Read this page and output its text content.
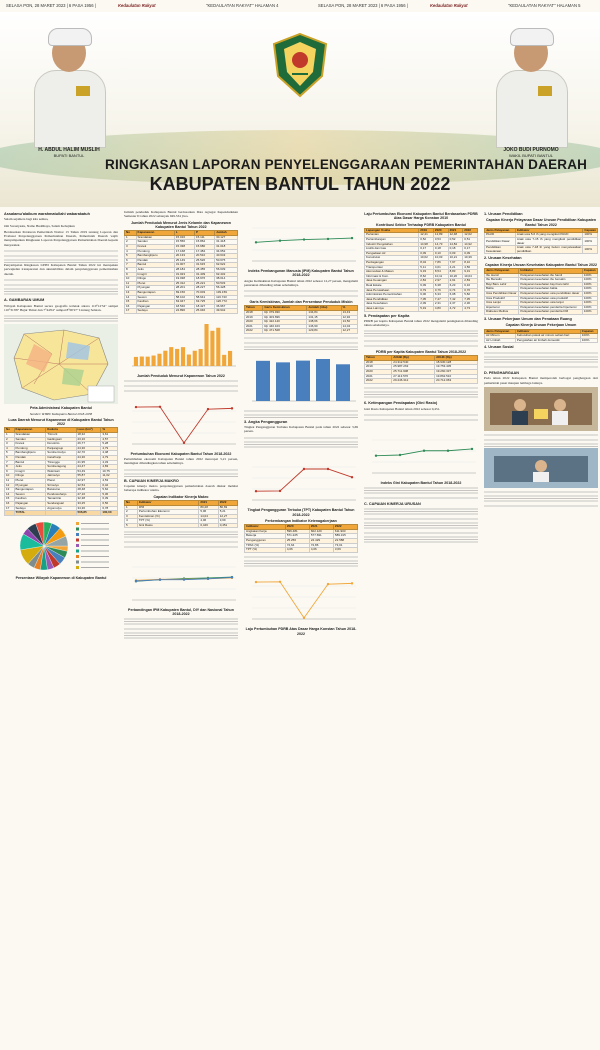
SELASA PON, 28 MARET 2023 | 6 PASA 1956 |	Kedaulatan Rakyat	"KEDAULATAN RAKYAT" HALAMAN 4	SELASA PON, 28 MARET 2023 | 6 PASA 1956 |	Kedaulatan Rakyat	"KEDAULATAN RAKYAT" HALAMAN 5
H. ABDUL HALIM MUSLIH
BUPATI BANTUL
JOKO BUDI PURNOMO
WAKIL BUPATI BANTUL
RINGKASAN LAPORAN PENYELENGGARAAN PEMERINTAHAN DAERAH
KABUPATEN BANTUL TAHUN 2022
Assalamu'alaikum warahmatullahi wabarakatuh

Salam sejahtera bagi kita semua,

Om Swastyastu, Namo Buddhaya, Salam Kebajikan

Berdasarkan Peraturan Pemerintah Nomor 13 Tahun 2019 tentang Laporan dan Evaluasi Penyelenggaraan Pemerintahan Daerah, Pemerintah Daerah wajib menyampaikan Ringkasan Laporan Penyelenggaraan Pemerintahan Daerah kepada masyarakat.

Penyampaian Ringkasan LPPD Kabupaten Bantul Tahun 2022 ini merupakan perwujudan transparansi dan akuntabilitas dalam penyelenggaraan pemerintahan daerah.

A. GAMBARAN UMUM

Wilayah Kabupaten Bantul secara geografis terletak antara 110°12'34" sampai 110°31'08" Bujur Timur dan 7°44'04" sampai 8°00'27" Lintang Selatan.

Peta Administrasi Kabupaten Bantul

Sumber: RTRW Kabupaten Bantul 2018-2038

Luas Daerah Menurut Kapanewon di Kabupaten Bantul Tahun 2022
No	Kapanewon	Ibukota	Luas (km²)	%
1	Srandakan	Trimurti	18,32	3,61
2	Sanden	Gadingsari	23,16	4,57
3	Kretek	Donotirto	26,77	5,28
4	Pundong	Panjangrejo	24,30	4,79
5	Bambanglipuro	Sumbermulyo	22,70	4,48
6	Pandak	Caturharjo	24,30	4,79
7	Bantul	Trirenggo	21,95	4,33
8	Jetis	Sumberagung	24,47	4,83
9	Imogiri	Wukirsari	54,49	10,75
10	Dlingo	Jatimulyo	55,87	11,02
11	Pleret	Pleret	22,97	4,53
12	Piyungan	Srimulyo	32,54	6,42
13	Banguntapan	Baturetno	28,48	5,62
14	Sewon	Pendowoharjo	27,16	5,36
15	Kasihan	Tamantirto	32,38	6,39
16	Pajangan	Sendangsari	33,25	6,56
17	Sedayu	Argomulyo	34,36	6,78
	TOTAL		506,85	100,00
Persentase Wilayah Kapanewon di Kabupaten Bantul

Jumlah penduduk Kabupaten Bantul berdasarkan Data Agregat Kependudukan Semester II tahun 2022 sebanyak 949.334 jiwa.

Jumlah Penduduk Menurut Jenis Kelamin dan Kapanewon Kabupaten Bantul Tahun 2022
No	Kapanewon	L	P	Jumlah
1	Srandakan	15.016	15.111	30.127
2	Sanden	15.556	15.862	31.418
3	Kretek	15.338	15.680	31.018
4	Pundong	17.168	17.484	34.652
5	Bambanglipuro	20.133	20.510	40.643
6	Pandak	25.149	25.526	50.675
7	Bantul	31.007	31.615	62.622
8	Jetis	28.184	28.455	56.639
9	Imogiri	31.023	31.409	62.432
10	Dlingo	19.038	18.976	38.014
11	Pleret	25.312	25.221	50.533
12	Piyungan	28.201	28.227	56.428
13	Banguntapan	69.156	70.003	139.159
14	Sewon	58.102	58.641	116.743
15	Kasihan	63.047	63.725	126.772
16	Pajangan	18.540	18.427	36.967
17	Sedayu	24.896	25.046	49.942
Jumlah Penduduk Menurut Kapanewon Tahun 2022
Pertumbuhan Ekonomi Kabupaten Bantul Tahun 2018-2022

Pertumbuhan ekonomi Kabupaten Bantul tahun 2022 mencapai 5,21 persen, meningkat dibandingkan tahun sebelumnya.

B. CAPAIAN KINERJA MAKRO

Capaian kinerja makro penyelenggaraan pemerintahan daerah diukur melalui beberapa indikator utama.

Capaian Indikator Kinerja Makro
No	Indikator	2021	2022
1	IPM	80,28	80,69
2	Pertumbuhan Ekonomi	5,06	5,21
3	Kemiskinan (%)	14,04	12,27
4	TPT (%)	4,06	3,69
5	Gini Rasio	0,446	0,451
Perbandingan IPM Kabupaten Bantul, DIY dan Nasional Tahun 2018-2022
Indeks Pembangunan Manusia (IPM) Kabupaten Bantul Tahun 2018-2022

Angka Kemiskinan Kabupaten Bantul tahun 2022 sebesar 12,27 persen, mengalami penurunan dibanding tahun sebelumnya.

Garis Kemiskinan, Jumlah dan Persentase Penduduk Miskin
Tahun	Garis Kemiskinan	Jumlah (ribu)	%
2018	Rp 379.930	134,84	13,43
2019	Rp 403.696	131,15	12,92
2020	Rp 422.140	138,66	13,50
2021	Rp 440.103	146,90	14,04
2022	Rp 471.528	129,84	12,27
3. Angka Pengangguran

Tingkat Pengangguran Terbuka Kabupaten Bantul pada tahun 2022 sebesar 3,69 persen.

Tingkat Pengangguran Terbuka (TPT) Kabupaten Bantul Tahun 2018-2022
Perkembangan Indikator Ketenagakerjaan
Indikator	2020	2021	2022
Angkatan Kerja	596.481	602.120	611.903
Bekerja	571.225	577.691	589.315
Pengangguran	25.256	24.429	22.588
TPAK (%)	72,64	72,86	73,01
TPT (%)	4,06	4,06	3,69
Laju Pertumbuhan PDRB Atas Dasar Harga Konstan Tahun 2018-2022
Laju Pertumbuhan Ekonomi Kabupaten Bantul Berdasarkan PDRB Atas Dasar Harga Konstan 2010
Kontribusi Sektor Terhadap PDRB Kabupaten Bantul
Lapangan Usaha	2019	2020	2021	2022
Pertanian	12,41	12,89	12,48	12,02
Pertambangan	0,52	0,53	0,52	0,51
Industri Pengolahan	14,98	14,73	14,84	14,92
Listrik dan Gas	0,17	0,18	0,18	0,17
Pengadaan Air	0,09	0,10	0,09	0,09
Konstruksi	10,62	10,03	10,21	10,39
Perdagangan	8,04	7,86	7,97	8,10
Transportasi	5,11	4,01	4,21	4,56
Akomodasi & Makan	9,33	8,54	8,83	9,31
Informasi & Kom.	8,62	10,11	10,20	10,04
Jasa Keuangan	2,84	2,97	2,91	2,83
Real Estate	6,09	6,38	6,23	6,10
Jasa Perusahaan	0,79	0,76	0,74	0,76
Administrasi Pemerintahan	6,06	6,33	6,08	5,82
Jasa Pendidikan	7,05	7,47	7,42	7,35
Jasa Kesehatan	2,09	2,31	2,37	2,30
Jasa Lainnya	5,19	4,80	4,72	4,73
5. Pendapatan per Kapita

PDRB per kapita Kabupaten Bantul tahun 2022 mengalami peningkatan dibanding tahun sebelumnya.

PDRB per Kapita Kabupaten Bantul Tahun 2018-2022
Tahun	ADHB (Rp)	ADHK (Rp)
2018	24.312.540	18.930.128
2019	25.987.263	19.753.405
2020	25.711.908	19.260.337
2021	27.113.576	19.862.510
2022	29.246.312	20.712.063
6. Ketimpangan Pendapatan (Gini Rasio)

Gini Rasio Kabupaten Bantul tahun 2022 sebesar 0,451.

Indeks Gini Kabupaten Bantul Tahun 2018-2022
C. CAPAIAN KINERJA URUSAN
1. Urusan Pendidikan
Capaian Kinerja Pelayanan Dasar Urusan Pendidikan Kabupaten Bantul Tahun 2022
Jenis Pelayanan	Indikator	Capaian
PAUD	Anak usia 5-6 th yang mengikuti PAUD	100%
Pendidikan Dasar	Anak usia 7-15 th yang mengikuti pendidikan dasar	100%
Pendidikan Kesetaraan	Anak usia 7-18 th yang belum menyelesaikan pendidikan	100%
2. Urusan Kesehatan
Capaian Kinerja Urusan Kesehatan Kabupaten Bantul Tahun 2022
Jenis Pelayanan	Indikator	Capaian
Ibu Hamil	Pelayanan kesehatan ibu hamil	100%
Ibu Bersalin	Pelayanan kesehatan ibu bersalin	100%
Bayi Baru Lahir	Pelayanan kesehatan bayi baru lahir	100%
Balita	Pelayanan kesehatan balita	100%
Usia Pendidikan Dasar	Pelayanan kesehatan usia pendidikan dasar	100%
Usia Produktif	Pelayanan kesehatan usia produktif	100%
Usia Lanjut	Pelayanan kesehatan usia lanjut	100%
Hipertensi	Pelayanan kesehatan penderita hipertensi	100%
Diabetes Melitus	Pelayanan kesehatan penderita DM	100%
3. Urusan Pekerjaan Umum dan Penataan Ruang
Capaian Kinerja Urusan Pekerjaan Umum
Jenis Pelayanan	Indikator	Capaian
Air Minum	Kebutuhan pokok air minum sehari-hari	100%
Air Limbah	Pengolahan air limbah domestik	100%
4. Urusan Sosial
D. PENGHARGAAN

Pada tahun 2022 Kabupaten Bantul memperoleh berbagai penghargaan dari pemerintah pusat maupun lembaga lainnya.
